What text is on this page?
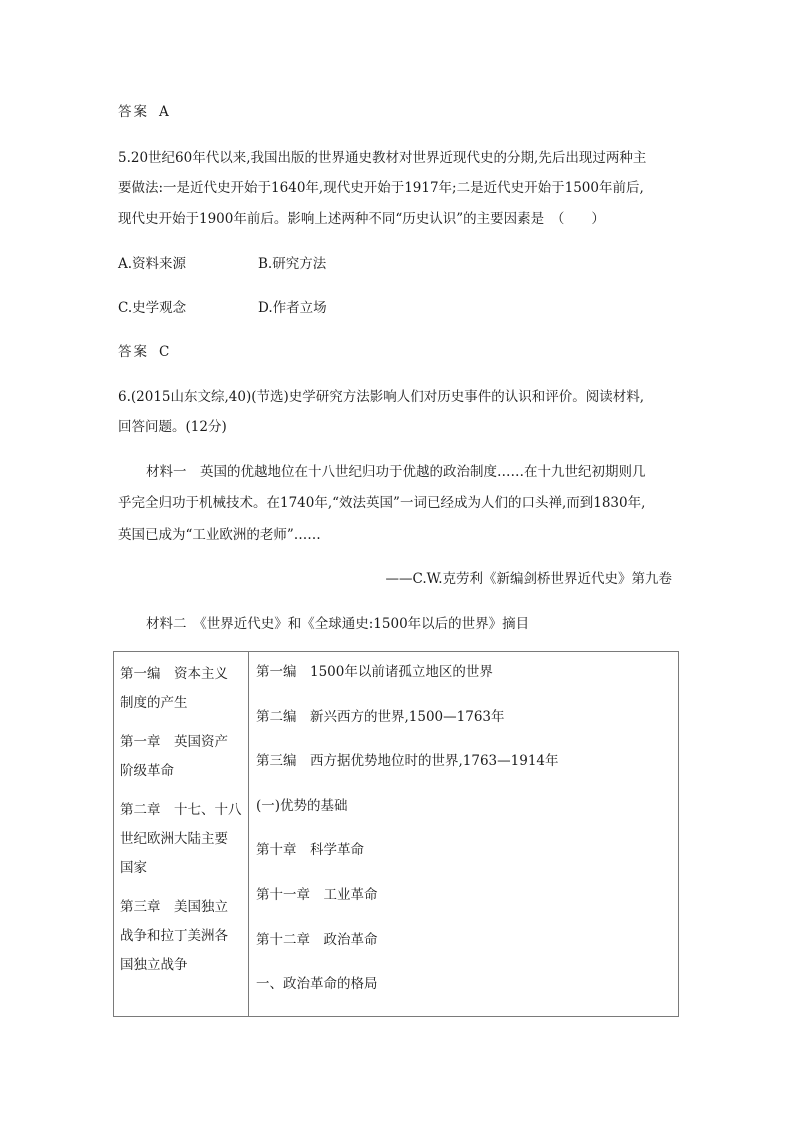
答案 A
5.20世纪60年代以来,我国出版的世界通史教材对世界近现代史的分期,先后出现过两种主
要做法:一是近代史开始于1640年,现代史开始于1917年;二是近代史开始于1500年前后,
现代史开始于1900年前后。影响上述两种不同“历史认识”的主要因素是　（　　）
A.资料来源	B.研究方法
C.史学观念	D.作者立场
答案 C
6.(2015山东文综,40)(节选)史学研究方法影响人们对历史事件的认识和评价。阅读材料,
回答问题。(12分)
材料一　英国的优越地位在十八世纪归功于优越的政治制度……在十九世纪初期则几
乎完全归功于机械技术。在1740年,“效法英国”一词已经成为人们的口头禅,而到1830年,
英国已成为“工业欧洲的老师”……
——C.W.克劳利《新编剑桥世界近代史》第九卷
材料二　《世界近代史》和《全球通史:1500年以后的世界》摘目
第一编　资本主义
制度的产生
第一章　英国资产
阶级革命
第二章　十七、十八
世纪欧洲大陆主要
国家
第三章　美国独立
战争和拉丁美洲各
国独立战争
第一编　1500年以前诸孤立地区的世界
第二编　新兴西方的世界,1500—1763年
第三编　西方据优势地位时的世界,1763—1914年
(一)优势的基础
第十章　科学革命
第十一章　工业革命
第十二章　政治革命
一、政治革命的格局
